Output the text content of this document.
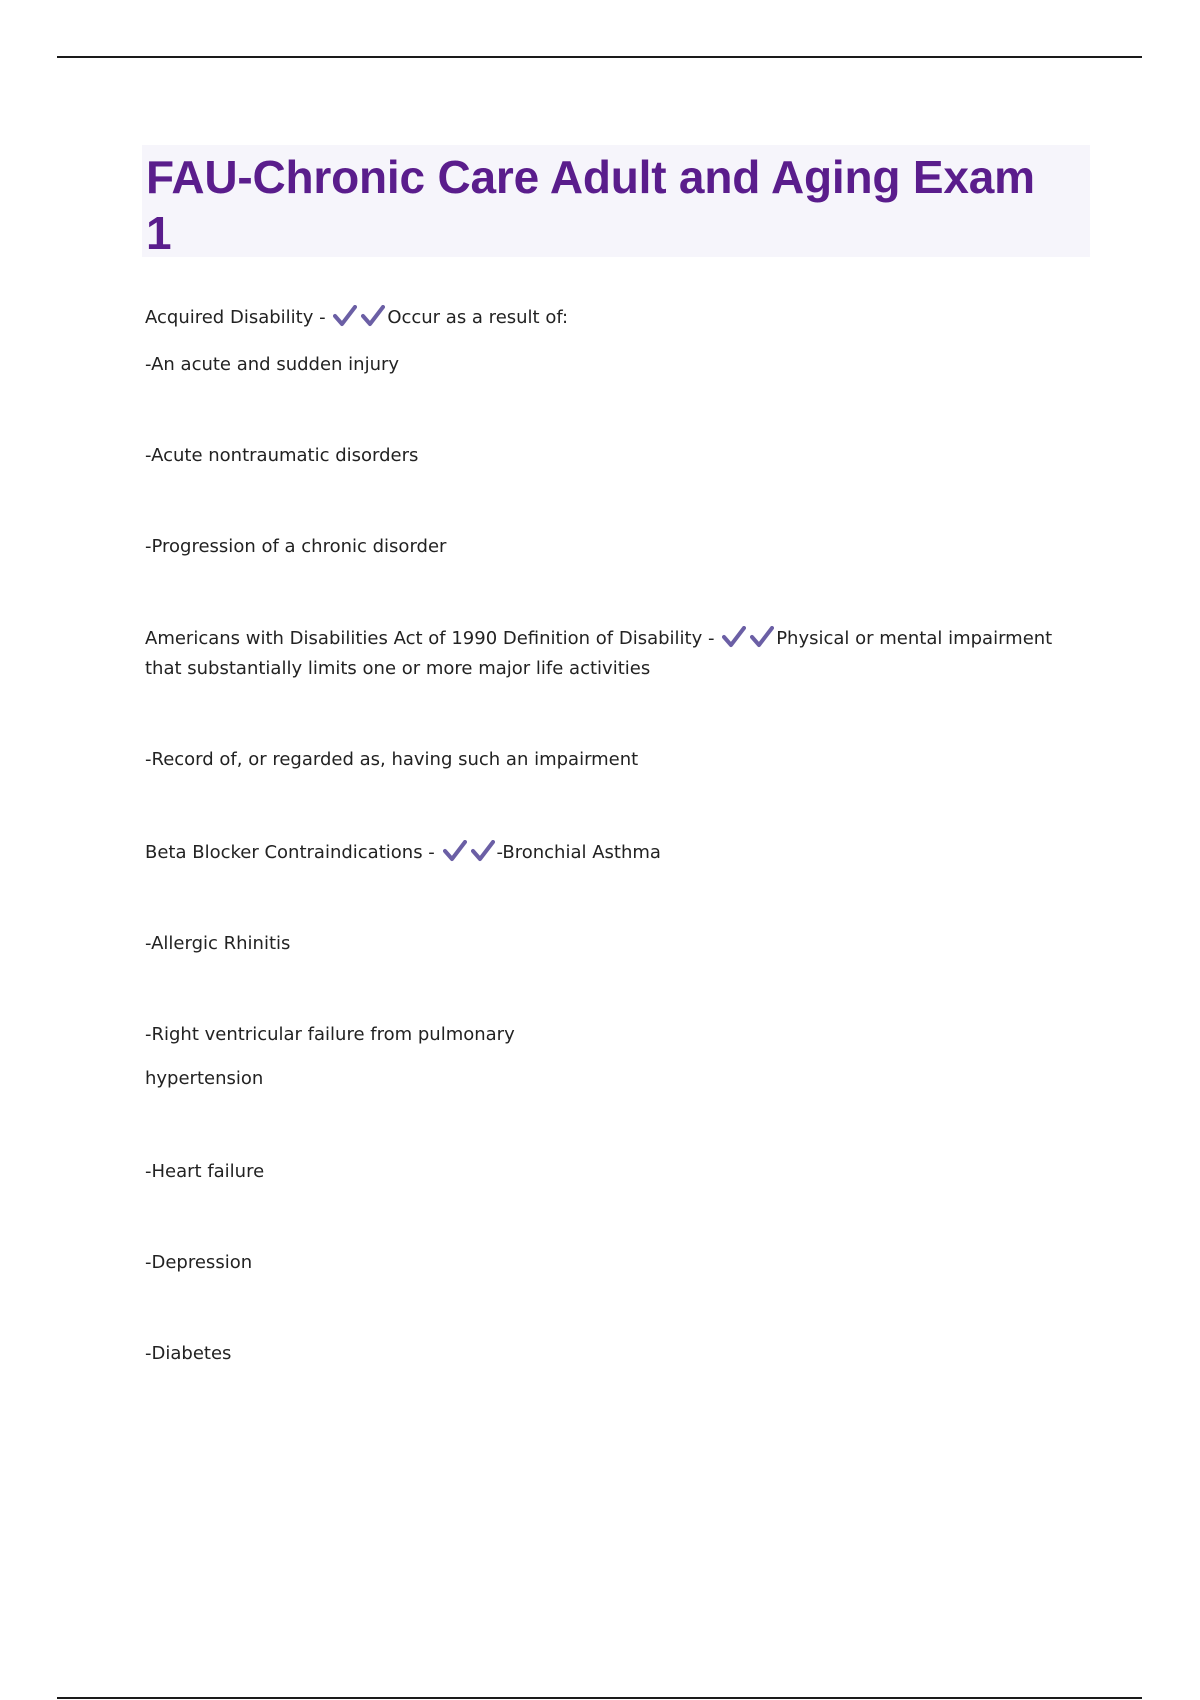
FAU-Chronic Care Adult and Aging Exam
1

Acquired Disability -	Occur as a result of:

-An acute and sudden injury

-Acute nontraumatic disorders

-Progression of a chronic disorder

Americans with Disabilities Act of 1990 Definition of Disability -	Physical or mental impairment

that substantially limits one or more major life activities

-Record of, or regarded as, having such an impairment

Beta Blocker Contraindications -	-Bronchial Asthma

-Allergic Rhinitis

-Right ventricular failure from pulmonary

hypertension

-Heart failure

-Depression

-Diabetes
